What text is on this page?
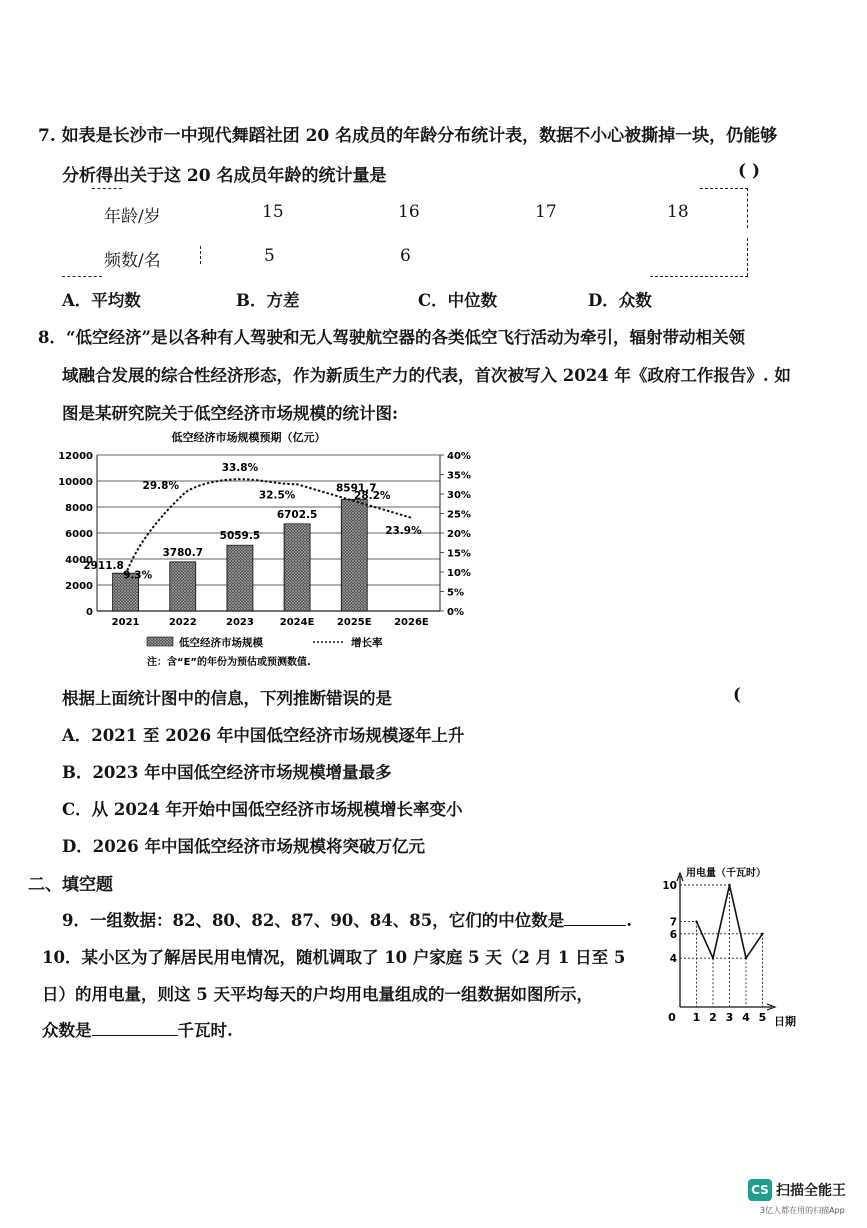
7. 如表是长沙市一中现代舞蹈社团 20 名成员的年龄分布统计表，数据不小心被撕掉一块，仍能够
分析得出关于这 20 名成员年龄的统计量是	( )
年龄/岁	15	16	17	18
频数/名	5	6
A．平均数	B．方差	C．中位数	D．众数
8．“低空经济”是以各种有人驾驶和无人驾驶航空器的各类低空飞行活动为牵引，辐射带动相关领
域融合发展的综合性经济形态，作为新质生产力的代表，首次被写入 2024 年《政府工作报告》. 如
图是某研究院关于低空经济市场规模的统计图:
低空经济市场规模预期（亿元）
0
2000
4000
6000
8000
10000
12000
0%
5%
10%
15%
20%
25%
30%
35%
40%
2911.8
3780.7
5059.5
6702.5
8591.7
9.3%
29.8%
33.8%
32.5%	28.2%
23.9%
2021	2022	2023	2024E 2025E 2026E
低空经济市场规模	增长率
注：含“E”的年份为预估或预测数值.
根据上面统计图中的信息，下列推断错误的是	(
A．2021 至 2026 年中国低空经济市场规模逐年上升
B．2023 年中国低空经济市场规模增量最多
C．从 2024 年开始中国低空经济市场规模增长率变小
D．2026 年中国低空经济市场规模将突破万亿元
二、填空题
9．一组数据：82、80、82、87、90、84、85，它们的中位数是	.
10．某小区为了解居民用电情况，随机调取了 10 户家庭 5 天（2 月 1 日至 5
日）的用电量，则这 5 天平均每天的户均用电量组成的一组数据如图所示，
众数是	千瓦时.
用电量（千瓦时）
日期
4
6
7
10
0 1 2 3 4 5
CS 扫描全能王
3亿人都在用的扫描App
